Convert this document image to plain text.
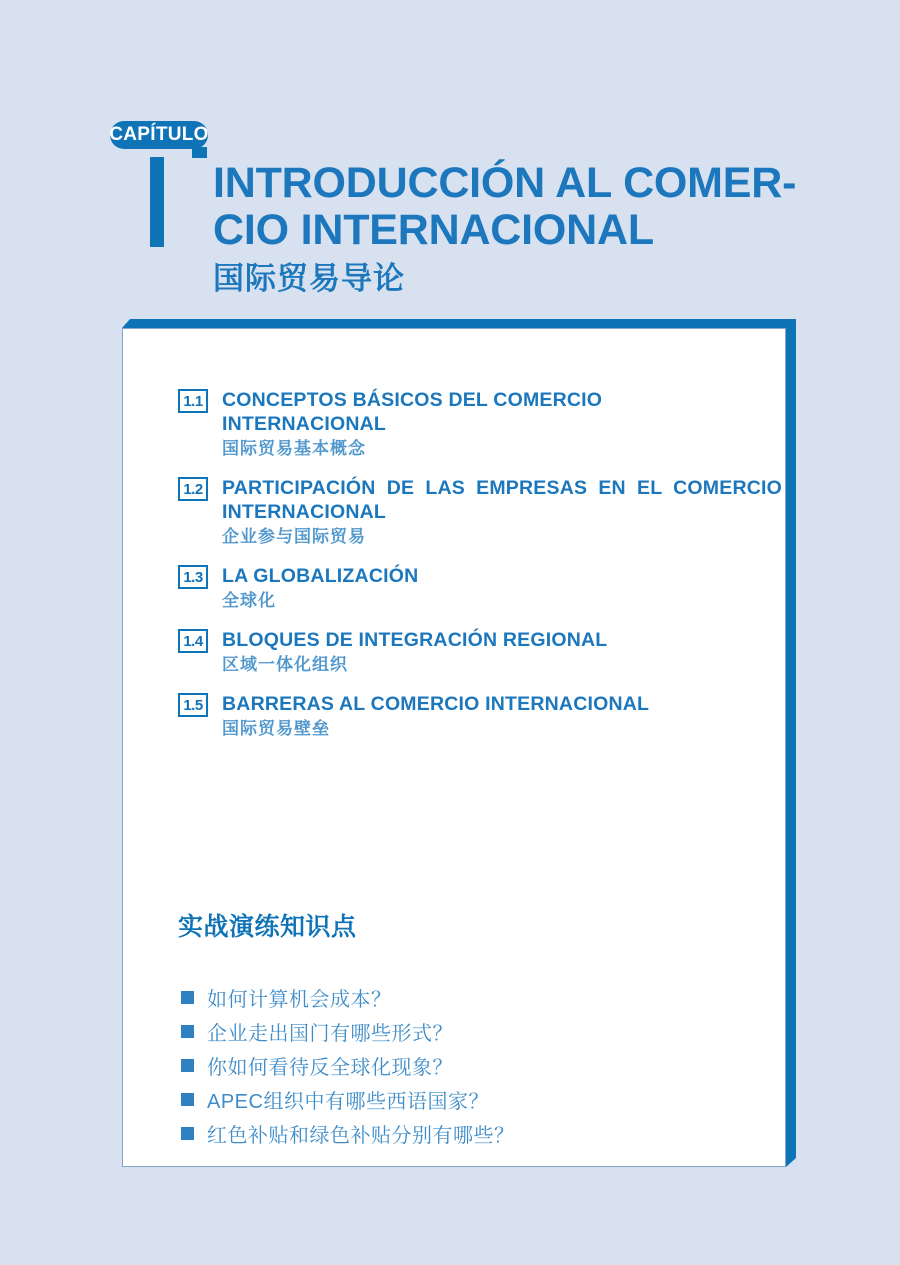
CAPÍTULO
INTRODUCCIÓN AL COMER-
CIO INTERNACIONAL
国际贸易导论
1.1 CONCEPTOS BÁSICOS DEL COMERCIO INTERNACIONAL
国际贸易基本概念
1.2 PARTICIPACIÓN DE LAS EMPRESAS EN EL COMERCIO INTERNACIONAL
企业参与国际贸易
1.3 LA GLOBALIZACIÓN
全球化
1.4 BLOQUES DE INTEGRACIÓN REGIONAL
区域一体化组织
1.5 BARRERAS AL COMERCIO INTERNACIONAL
国际贸易壁垒
实战演练知识点
如何计算机会成本？
企业走出国门有哪些形式？
你如何看待反全球化现象？
APEC组织中有哪些西语国家？
红色补贴和绿色补贴分别有哪些？
